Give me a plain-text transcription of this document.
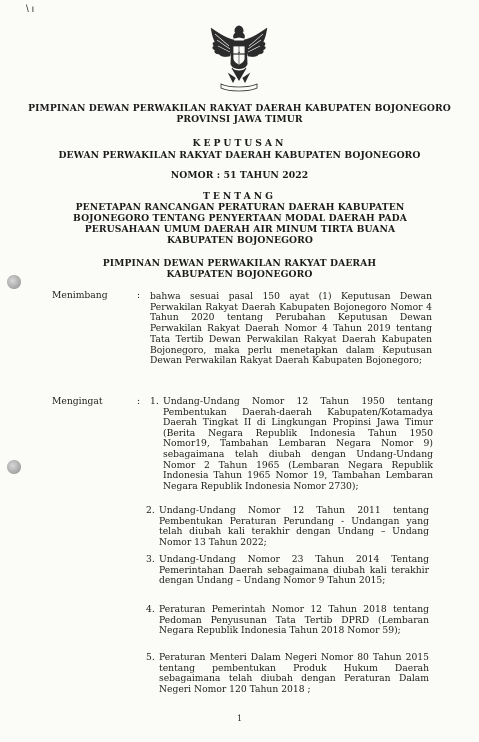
\ ı
PIMPINAN DEWAN PERWAKILAN RAKYAT DAERAH KABUPATEN BOJONEGORO
PROVINSI JAWA TIMUR
KEPUTUSAN
DEWAN PERWAKILAN RAKYAT DAERAH KABUPATEN BOJONEGORO
NOMOR : 51 TAHUN 2022
TENTANG
PENETAPAN RANCANGAN PERATURAN DAERAH KABUPATEN BOJONEGORO TENTANG PENYERTAAN MODAL DAERAH PADA PERUSAHAAN UMUM DAERAH AIR MINUM TIRTA BUANA KABUPATEN BOJONEGORO
PIMPINAN DEWAN PERWAKILAN RAKYAT DAERAH
KABUPATEN BOJONEGORO
Menimbang	: bahwa sesuai pasal 150 ayat (1) Keputusan Dewan Perwakilan Rakyat Daerah Kabupaten Bojonegoro Nomor 4 Tahun 2020 tentang Perubahan Keputusan Dewan Perwakilan Rakyat Daerah Nomor 4 Tahun 2019 tentang Tata Tertib Dewan Perwakilan Rakyat Daerah Kabupaten Bojonegoro, maka perlu menetapkan dalam Keputusan Dewan Perwakilan Rakyat Daerah Kabupaten Bojonegoro;
Mengingat	: 1. Undang-Undang Nomor 12 Tahun 1950 tentang Pembentukan Daerah-daerah Kabupaten/Kotamadya Daerah Tingkat II di Lingkungan Propinsi Jawa Timur (Berita Negara Republik Indonesia Tahun 1950 Nomor19, Tambahan Lembaran Negara Nomor 9) sebagaimana telah diubah dengan Undang-Undang Nomor 2 Tahun 1965 (Lembaran Negara Republik Indonesia Tahun 1965 Nomor 19, Tambahan Lembaran Negara Republik Indonesia Nomor 2730);
2. Undang-Undang Nomor 12 Tahun 2011 tentang Pembentukan Peraturan Perundang - Undangan yang telah diubah kali terakhir dengan Undang – Undang Nomor 13 Tahun 2022;
3. Undang-Undang Nomor 23 Tahun 2014 Tentang Pemerintahan Daerah sebagaimana diubah kali terakhir dengan Undang – Undang Nomor 9 Tahun 2015;
4. Peraturan Pemerintah Nomor 12 Tahun 2018 tentang Pedoman Penyusunan Tata Tertib DPRD (Lembaran Negara Republik Indonesia Tahun 2018 Nomor 59);
5. Peraturan Menteri Dalam Negeri Nomor 80 Tahun 2015 tentang pembentukan Produk Hukum Daerah sebagaimana telah diubah dengan Peraturan Dalam Negeri Nomor 120 Tahun 2018 ;
1
